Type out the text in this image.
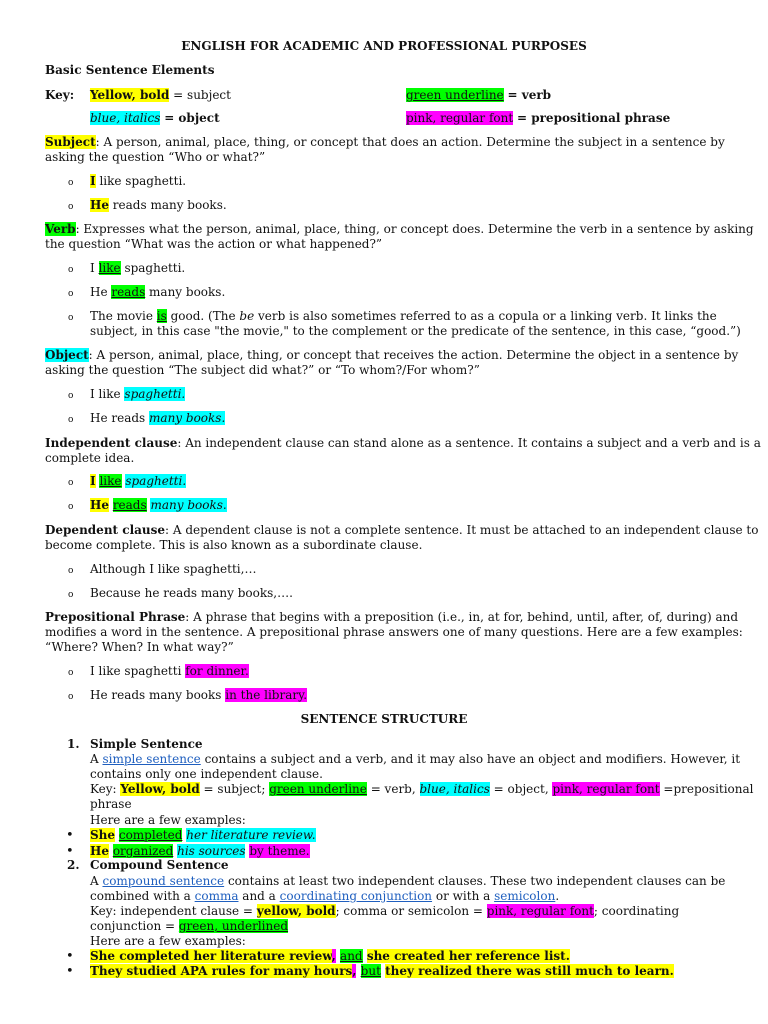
ENGLISH FOR ACADEMIC AND PROFESSIONAL PURPOSES
Basic Sentence Elements
Key: Yellow, bold = subject	green underline = verb
blue, italics = object	pink, regular font = prepositional phrase
Subject: A person, animal, place, thing, or concept that does an action. Determine the subject in a sentence by
asking the question “Who or what?”
o I like spaghetti.
o He reads many books.
Verb: Expresses what the person, animal, place, thing, or concept does. Determine the verb in a sentence by asking
the question “What was the action or what happened?”
o I like spaghetti.
o He reads many books.
o The movie is good. (The be verb is also sometimes referred to as a copula or a linking verb. It links the
subject, in this case "the movie," to the complement or the predicate of the sentence, in this case, “good.”)
Object: A person, animal, place, thing, or concept that receives the action. Determine the object in a sentence by
asking the question “The subject did what?” or “To whom?/For whom?”
o I like spaghetti.
o He reads many books.
Independent clause: An independent clause can stand alone as a sentence. It contains a subject and a verb and is a
complete idea.
o I like spaghetti.
o He reads many books.
Dependent clause: A dependent clause is not a complete sentence. It must be attached to an independent clause to
become complete. This is also known as a subordinate clause.
o Although I like spaghetti,…
o Because he reads many books,….
Prepositional Phrase: A phrase that begins with a preposition (i.e., in, at for, behind, until, after, of, during) and
modifies a word in the sentence. A prepositional phrase answers one of many questions. Here are a few examples:
“Where? When? In what way?”
o I like spaghetti for dinner.
o He reads many books in the library.
SENTENCE STRUCTURE
1. Simple Sentence
A simple sentence contains a subject and a verb, and it may also have an object and modifiers. However, it
contains only one independent clause.
Key: Yellow, bold = subject; green underline = verb, blue, italics = object, pink, regular font =prepositional
phrase
Here are a few examples:
• She completed her literature review.
• He organized his sources by theme.
2. Compound Sentence
A compound sentence contains at least two independent clauses. These two independent clauses can be
combined with a comma and a coordinating conjunction or with a semicolon.
Key: independent clause = yellow, bold; comma or semicolon = pink, regular font; coordinating
conjunction = green, underlined
Here are a few examples:
• She completed her literature review, and she created her reference list.
• They studied APA rules for many hours, but they realized there was still much to learn.
